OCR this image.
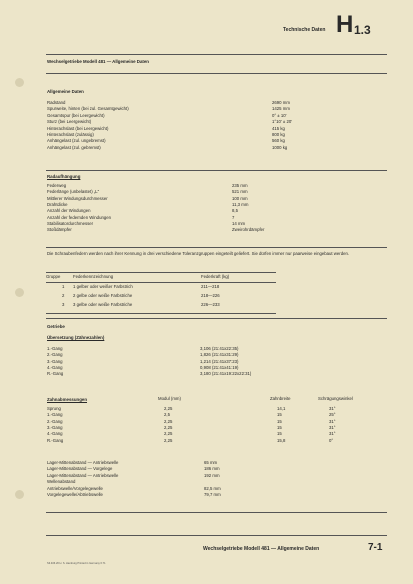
Technische Daten H 1.3
Wechselgetriebe Modell 481 — Allgemeine Daten
Allgemeine Daten
Radstand	2690 mm
Spurweite, hinten (bei zul. Gesamtgewicht)	1425 mm
Gesamtspur (bei Leergewicht)	0° ± 10'
Sturz (bei Leergewicht)	1°10' ± 20'
Hinterachslast (bei Leergewicht)	415 kg
Hinterachslast (zulässig)	800 kg
Anhängelast (zul. ungebremst)	560 kg
Anhängelast (zul. gebremst)	1000 kg
Radaufhängung
Federweg	235 mm
Federlänge (unbelastet) „L"	521 mm
Mittlerer Windungsdurchmesser	100 mm
Drahtdicke	11,3 mm
Anzahl der Windungen	8,5
Anzahl der federnden Windungen	7
Stabilisatordurchmesser	14 mm
Stoßdämpfer	Zweirohrdämpfer
Die Schraubenfedern werden nach ihrer Kennung in drei verschiedene Toleranzgruppen eingeteilt geliefert. Sie dürfen immer nur paarweise eingebaut werden.
Gruppe	Federkennzeichnung	Federkraft (kg)
1 1 gelber oder weißer Farbstrich	211—218
2 2 gelbe oder weiße Farbstriche	218—226
3 3 gelbe oder weiße Farbstriche	226—233
Getriebe
Übersetzung (Zähnezahlen)
1.-Gang	3,106 (21:41x22:35)
2.-Gang	1,826 (21:41x31:29)
3.-Gang	1,214 (21:41x37:23)
4.-Gang	0,908 (21:41x41:19)
R.-Gang	3,180 (21:41x19:22x22:31)
Zahnabmessungen	Modul (mm)	Zahnbreite	Schrägungswinkel
Sprung	2,25	14,1	31°
1.-Gang	2,5	15	25°
2.-Gang	2,25	15	31°
3.-Gang	2,25	15	31°
4.-Gang	2,25	15	31°
R.-Gang	2,25	15,8	0°
Lager-Mittenabstand — Antriebswelle	65 mm
Lager-Mittenabstand — Vorgelege	186 mm
Lager-Mittenabstand — Antriebswelle	192 mm
Wellenabstand
Antriebswelle/Vorgelegewelle	82,5 mm
Vorgelegewelle/Abtriebswelle	79,7 mm
Wechselgetriebe Modell 481 — Allgemeine Daten	7-1
S3.406.20 H. S. Hamburg Printed in Germany 6.71
